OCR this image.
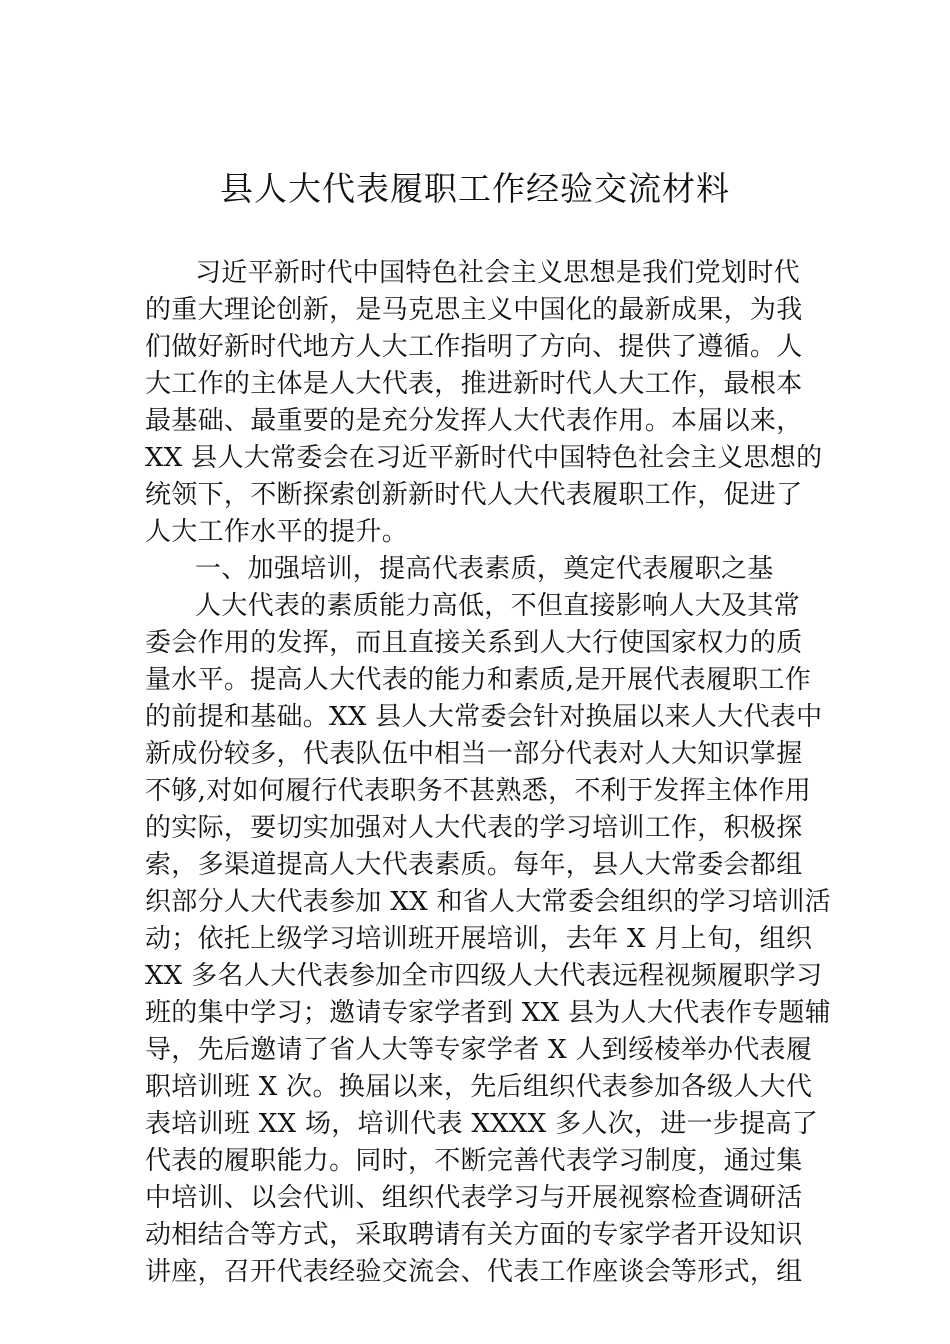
县人大代表履职工作经验交流材料
习近平新时代中国特色社会主义思想是我们党划时代
的重大理论创新，是马克思主义中国化的最新成果，为我
们做好新时代地方人大工作指明了方向、提供了遵循。人
大工作的主体是人大代表，推进新时代人大工作，最根本
最基础、最重要的是充分发挥人大代表作用。本届以来，
XX 县人大常委会在习近平新时代中国特色社会主义思想的
统领下，不断探索创新新时代人大代表履职工作，促进了
人大工作水平的提升。
一、加强培训，提高代表素质，奠定代表履职之基
人大代表的素质能力高低，不但直接影响人大及其常
委会作用的发挥，而且直接关系到人大行使国家权力的质
量水平。提高人大代表的能力和素质,是开展代表履职工作
的前提和基础。XX 县人大常委会针对换届以来人大代表中
新成份较多，代表队伍中相当一部分代表对人大知识掌握
不够,对如何履行代表职务不甚熟悉，不利于发挥主体作用
的实际，要切实加强对人大代表的学习培训工作，积极探
索，多渠道提高人大代表素质。每年，县人大常委会都组
织部分人大代表参加 XX 和省人大常委会组织的学习培训活
动；依托上级学习培训班开展培训，去年 X 月上旬，组织
XX 多名人大代表参加全市四级人大代表远程视频履职学习
班的集中学习；邀请专家学者到 XX 县为人大代表作专题辅
导，先后邀请了省人大等专家学者 X 人到绥棱举办代表履
职培训班 X 次。换届以来，先后组织代表参加各级人大代
表培训班 XX 场，培训代表 XXXX 多人次，进一步提高了
代表的履职能力。同时，不断完善代表学习制度，通过集
中培训、以会代训、组织代表学习与开展视察检查调研活
动相结合等方式，采取聘请有关方面的专家学者开设知识
讲座，召开代表经验交流会、代表工作座谈会等形式，组
